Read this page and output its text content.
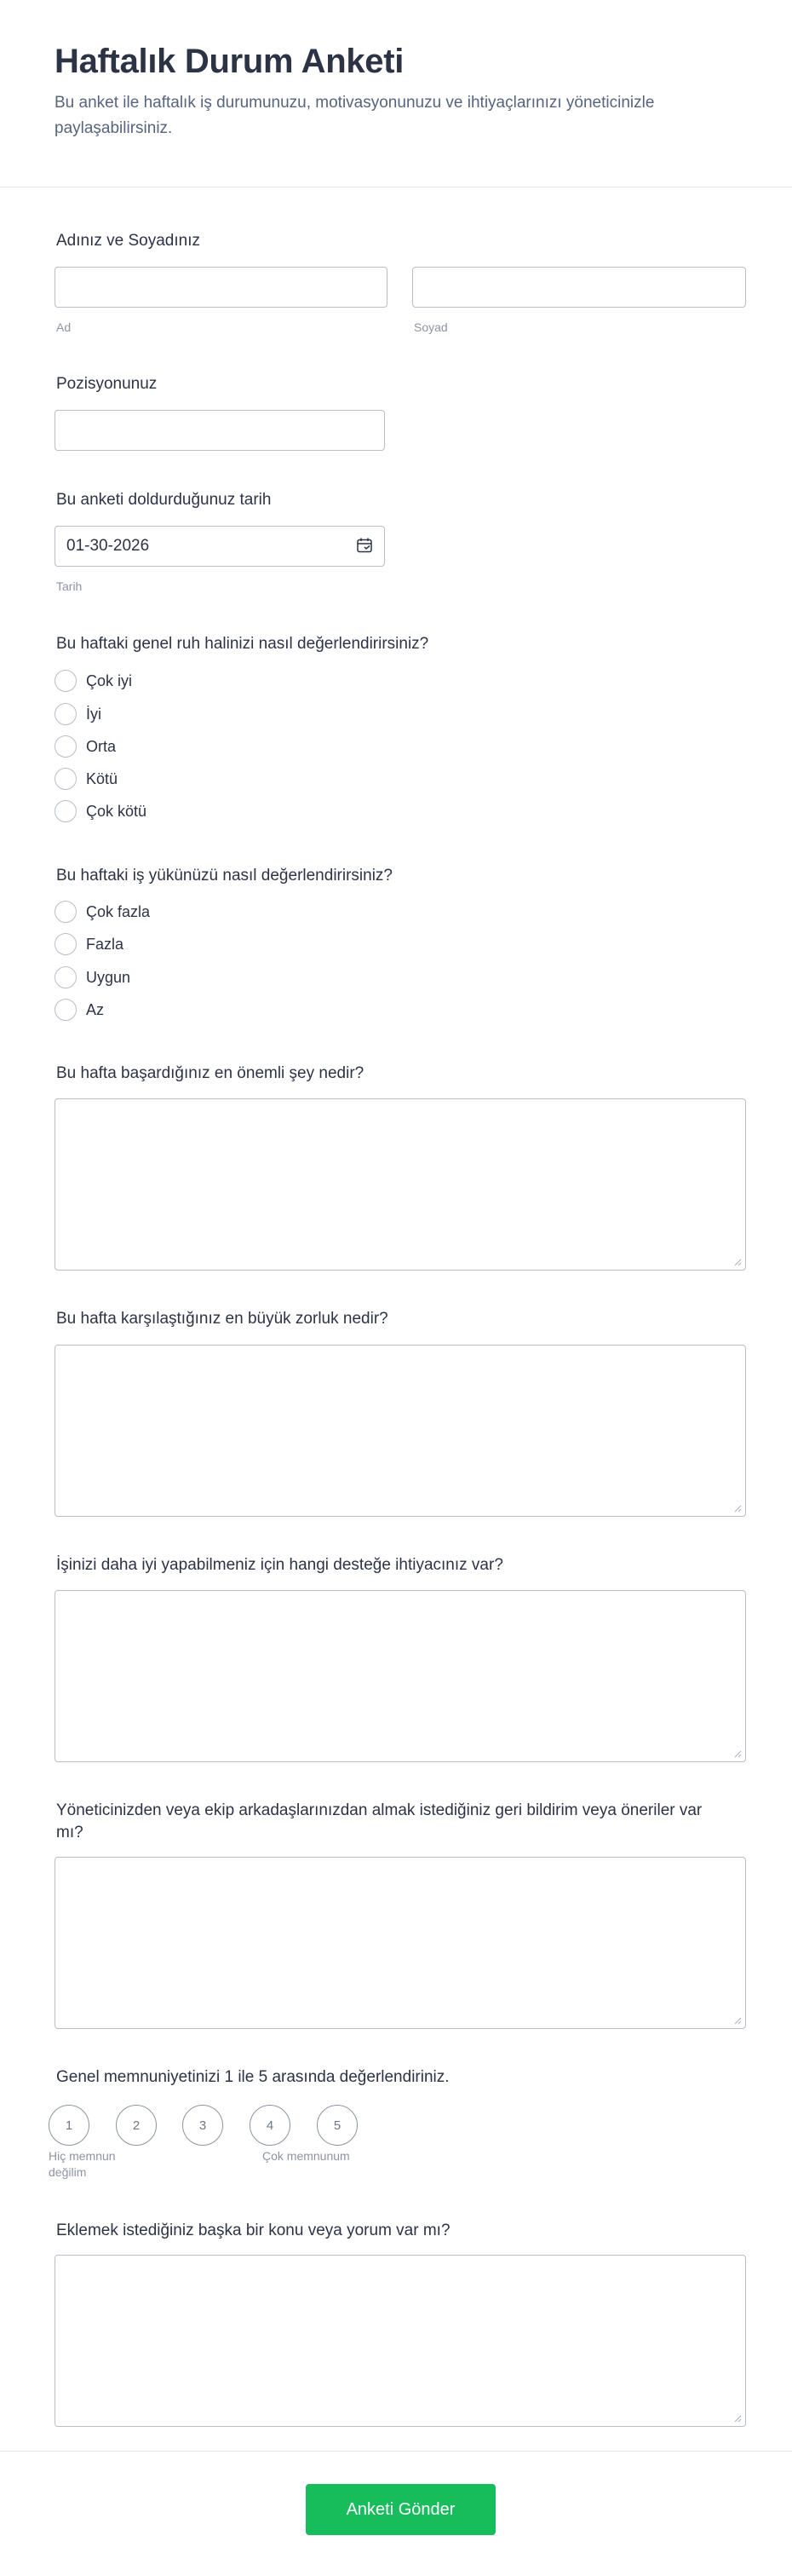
Haftalık Durum Anketi

Bu anket ile haftalık iş durumunuzu, motivasyonunuzu ve ihtiyaçlarınızı yöneticinizle paylaşabilirsiniz.

Adınız ve Soyadınız
Ad	Soyad
Pozisyonunuz
Bu anketi doldurduğunuz tarih
01-30-2026
Tarih
Bu haftaki genel ruh halinizi nasıl değerlendirirsiniz?
Çok iyi
İyi
Orta
Kötü
Çok kötü
Bu haftaki iş yükünüzü nasıl değerlendirirsiniz?
Çok fazla
Fazla
Uygun
Az
Bu hafta başardığınız en önemli şey nedir?
Bu hafta karşılaştığınız en büyük zorluk nedir?
İşinizi daha iyi yapabilmeniz için hangi desteğe ihtiyacınız var?
Yöneticinizden veya ekip arkadaşlarınızdan almak istediğiniz geri bildirim veya öneriler var mı?
Genel memnuniyetinizi 1 ile 5 arasında değerlendiriniz.
1	2	3	4	5
Hiç memnun değilim
Çok memnunum
Eklemek istediğiniz başka bir konu veya yorum var mı?
Anketi Gönder
